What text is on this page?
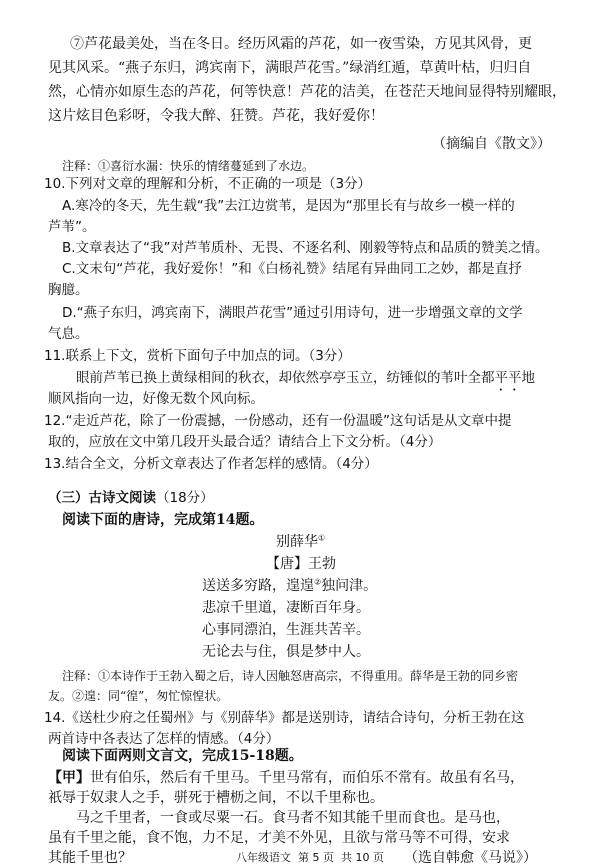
⑦芦花最美处，当在冬日。经历风霜的芦花，如一夜雪染，方见其风骨，更
见其风采。“燕子东归，鸿宾南下，满眼芦花雪。”绿消红遁，草黄叶枯，归归自
然，心情亦如原生态的芦花，何等快意！芦花的洁美，在苍茫天地间显得特别耀眼，
这片炫目色彩呀，令我大醉、狂赞。芦花，我好爱你！
（摘编自《散文》）
注释：①喜衍水漏：快乐的情绪蔓延到了水边。
10.下列对文章的理解和分析，不正确的一项是（3分）
A.寒冷的冬天，先生载“我”去江边赏苇，是因为“那里长有与故乡一模一样的
芦苇”。
B.文章表达了“我”对芦苇质朴、无畏、不逐名利、刚毅等特点和品质的赞美之情。
C.文末句“芦花，我好爱你！”和《白杨礼赞》结尾有异曲同工之妙，都是直抒
胸臆。
D.“燕子东归，鸿宾南下，满眼芦花雪”通过引用诗句，进一步增强文章的文学
气息。
11.联系上下文，赏析下面句子中加点的词。（3分）
眼前芦苇已换上黄绿相间的秋衣，却依然亭亭玉立，纺锤似的苇叶全都平平地
顺风指向一边，好像无数个风向标。
12.“走近芦花，除了一份震撼，一份感动，还有一份温暖”这句话是从文章中提
取的，应放在文中第几段开头最合适？请结合上下文分析。（4分）
13.结合全文，分析文章表达了作者怎样的感情。（4分）
（三）古诗文阅读（18分）
阅读下面的唐诗，完成第14题。
别薛华①
【唐】王勃
送送多穷路，遑遑②独问津。
悲凉千里道，凄断百年身。
心事同漂泊，生涯共苦辛。
无论去与住，俱是梦中人。
注释：①本诗作于王勃入蜀之后，诗人因触怒唐高宗，不得重用。薛华是王勃的同乡密
友。②遑：同“徨”，匆忙惊惶状。
14.《送杜少府之任蜀州》与《别薛华》都是送别诗，请结合诗句，分析王勃在这
两首诗中各表达了怎样的情感。（4分）
阅读下面两则文言文，完成15-18题。
【甲】世有伯乐，然后有千里马。千里马常有，而伯乐不常有。故虽有名马，
祇辱于奴隶人之手，骈死于槽枥之间，不以千里称也。
马之千里者，一食或尽粟一石。食马者不知其能千里而食也。是马也，
虽有千里之能，食不饱，力不足，才美不外见，且欲与常马等不可得，安求
其能千里也？	（选自韩愈《马说》）
八年级语文  第 5 页  共 10 页
